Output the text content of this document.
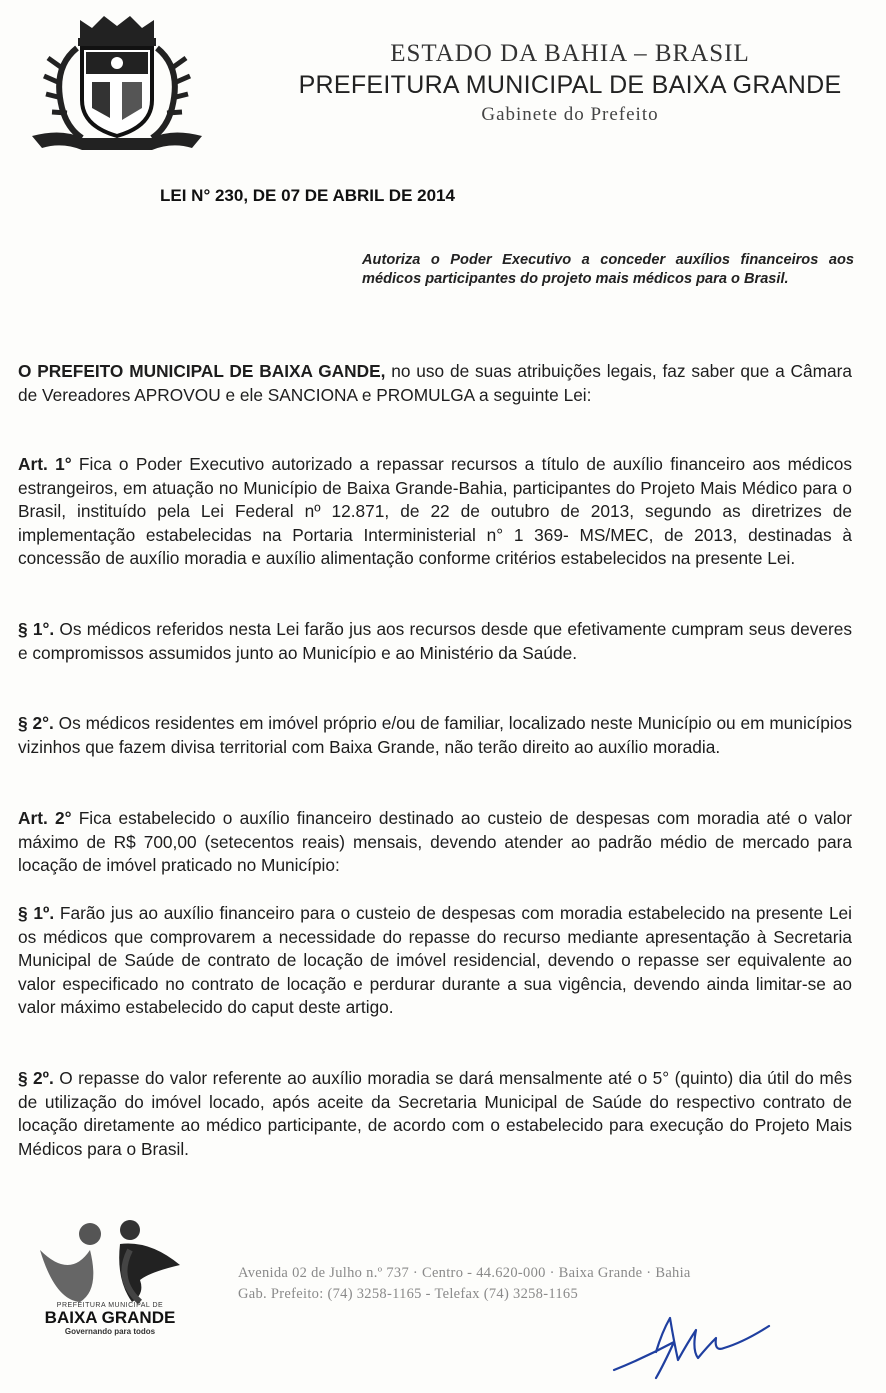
ESTADO DA BAHIA – BRASIL

PREFEITURA MUNICIPAL DE BAIXA GRANDE

Gabinete do Prefeito

LEI N° 230, DE 07 DE ABRIL DE 2014

Autoriza o Poder Executivo a conceder auxílios financeiros aos médicos participantes do projeto mais médicos para o Brasil.

O PREFEITO MUNICIPAL DE BAIXA GANDE, no uso de suas atribuições legais, faz saber que a Câmara de Vereadores APROVOU e ele SANCIONA e PROMULGA a seguinte Lei:

Art. 1° Fica o Poder Executivo autorizado a repassar recursos a título de auxílio financeiro aos médicos estrangeiros, em atuação no Município de Baixa Grande-Bahia, participantes do Projeto Mais Médico para o Brasil, instituído pela Lei Federal nº 12.871, de 22 de outubro de 2013, segundo as diretrizes de implementação estabelecidas na Portaria Interministerial n° 1 369- MS/MEC, de 2013, destinadas à concessão de auxílio moradia e auxílio alimentação conforme critérios estabelecidos na presente Lei.

§ 1°. Os médicos referidos nesta Lei farão jus aos recursos desde que efetivamente cumpram seus deveres e compromissos assumidos junto ao Município e ao Ministério da Saúde.

§ 2°. Os médicos residentes em imóvel próprio e/ou de familiar, localizado neste Município ou em municípios vizinhos que fazem divisa territorial com Baixa Grande, não terão direito ao auxílio moradia.

Art. 2° Fica estabelecido o auxílio financeiro destinado ao custeio de despesas com moradia até o valor máximo de R$ 700,00 (setecentos reais) mensais, devendo atender ao padrão médio de mercado para locação de imóvel praticado no Município:

§ 1º. Farão jus ao auxílio financeiro para o custeio de despesas com moradia estabelecido na presente Lei os médicos que comprovarem a necessidade do repasse do recurso mediante apresentação à Secretaria Municipal de Saúde de contrato de locação de imóvel residencial, devendo o repasse ser equivalente ao valor especificado no contrato de locação e perdurar durante a sua vigência, devendo ainda limitar-se ao valor máximo estabelecido do caput deste artigo.

§ 2º. O repasse do valor referente ao auxílio moradia se dará mensalmente até o 5° (quinto) dia útil do mês de utilização do imóvel locado, após aceite da Secretaria Municipal de Saúde do respectivo contrato de locação diretamente ao médico participante, de acordo com o estabelecido para execução do Projeto Mais Médicos para o Brasil.

PREFEITURA MUNICIPAL DE
BAIXA GRANDE
Governando para todos

Avenida 02 de Julho n.º 737 · Centro - 44.620-000 · Baixa Grande · Bahia

Gab. Prefeito: (74) 3258-1165 - Telefax (74) 3258-1165
